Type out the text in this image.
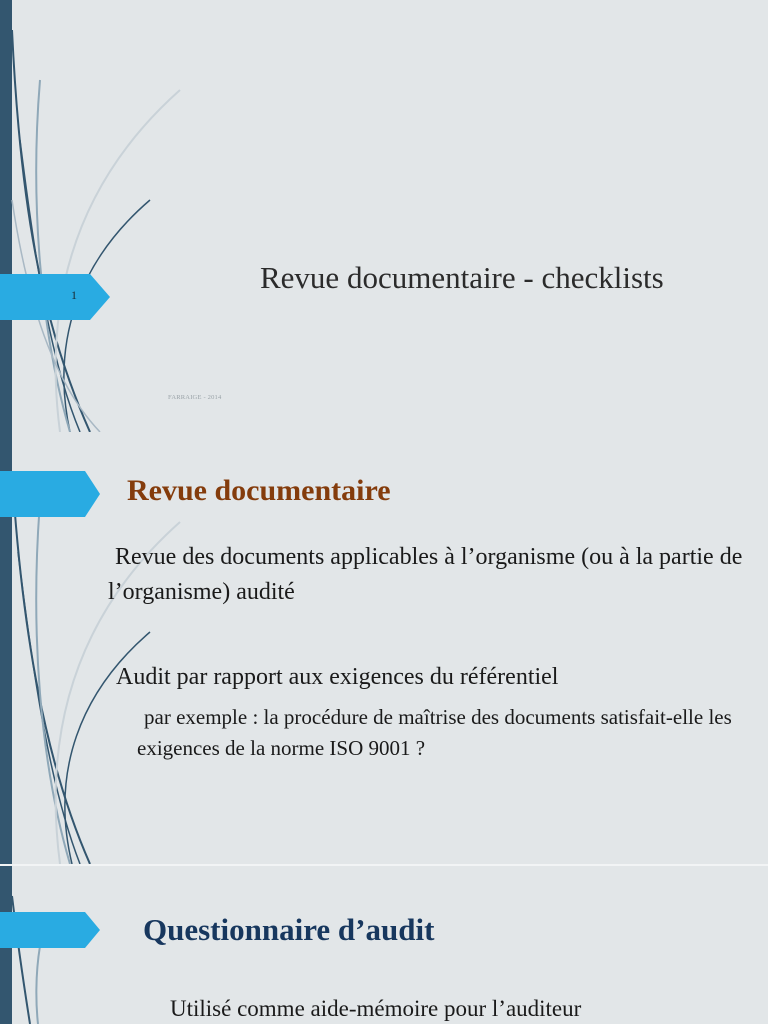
1	Revue documentaire - checklists
FARRAIGE - 2014
Revue documentaire
Revue des documents applicables à l’organisme (ou à la partie de l’organisme) audité
Audit par rapport aux exigences du référentiel
par exemple : la procédure de maîtrise des documents satisfait-elle les exigences de la norme ISO 9001 ?
Questionnaire d’audit
Utilisé comme aide-mémoire pour l’auditeur
